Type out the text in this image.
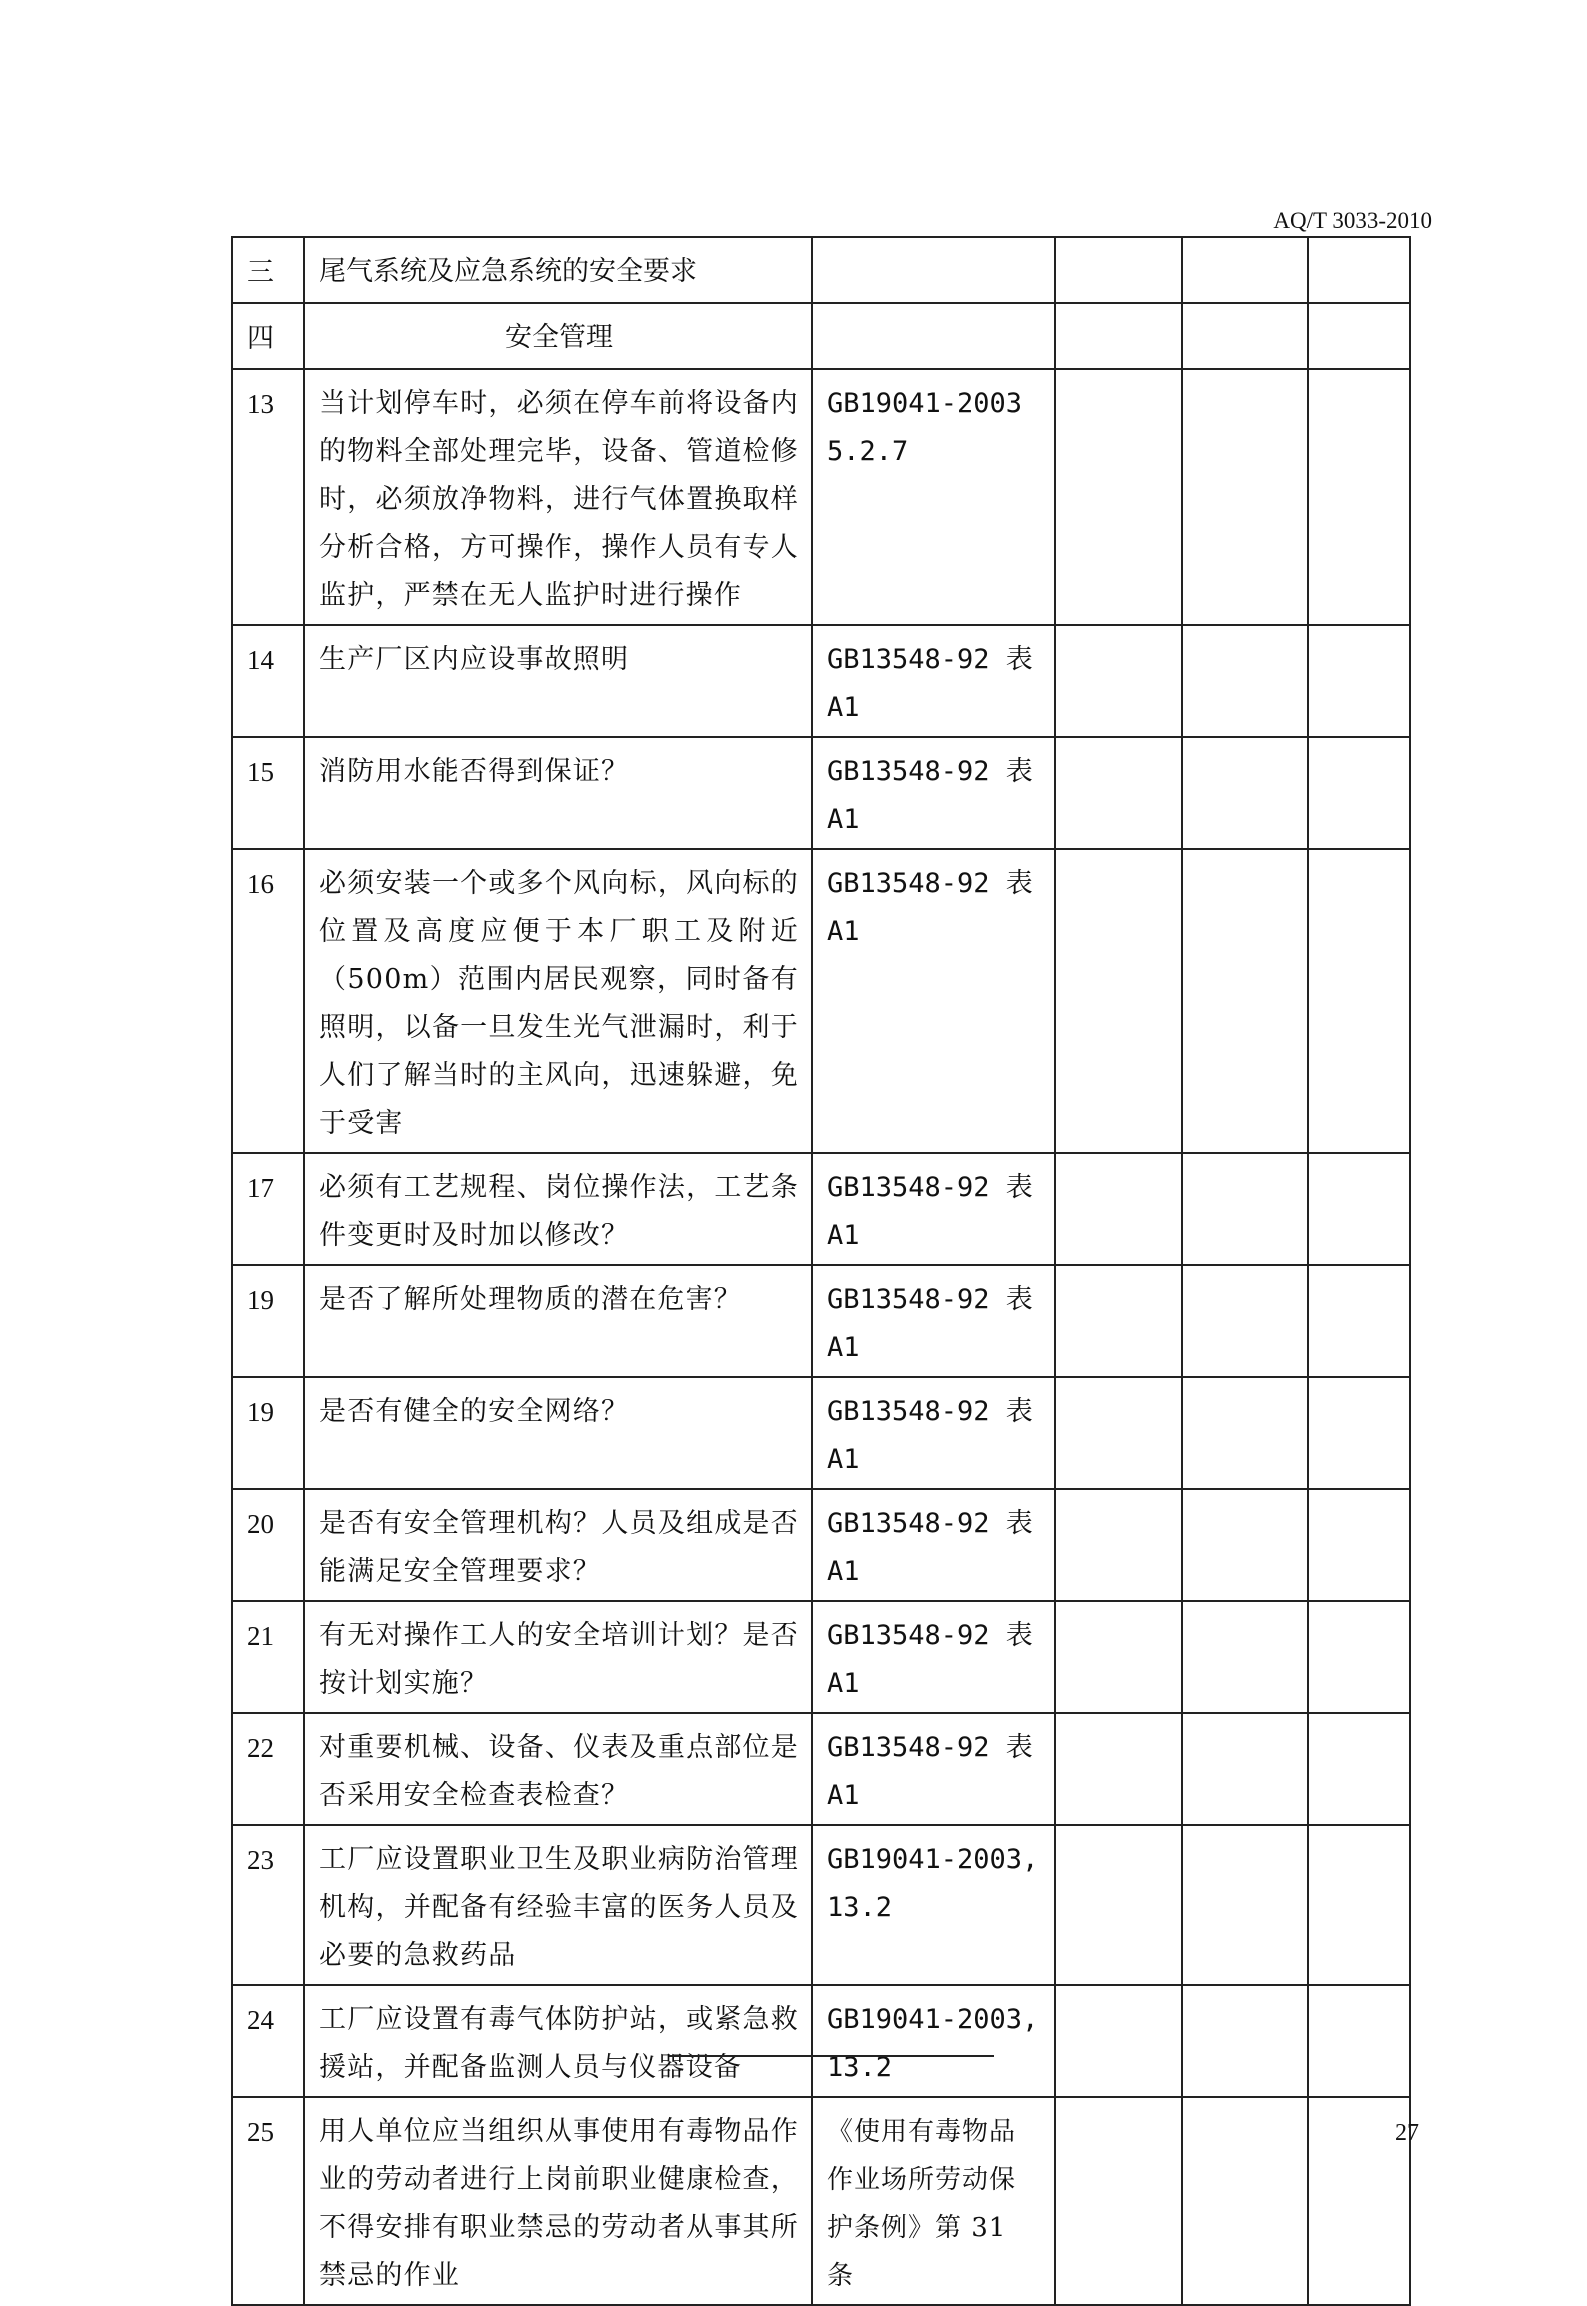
AQ/T 3033-2010
三	尾气系统及应急系统的安全要求				
四	安全管理				
13	当计划停车时，必须在停车前将设备内的物料全部处理完毕，设备、管道检修时，必须放净物料，进行气体置换取样分析合格，方可操作，操作人员有专人监护，严禁在无人监护时进行操作	GB19041-2003 5.2.7			
14	生产厂区内应设事故照明	GB13548-92 表 A1			
15	消防用水能否得到保证？	GB13548-92 表 A1			
16	必须安装一个或多个风向标，风向标的位置及高度应便于本厂职工及附近（500m）范围内居民观察，同时备有照明，以备一旦发生光气泄漏时，利于人们了解当时的主风向，迅速躲避，免于受害	GB13548-92 表 A1			
17	必须有工艺规程、岗位操作法，工艺条件变更时及时加以修改？	GB13548-92 表 A1			
19	是否了解所处理物质的潜在危害？	GB13548-92 表 A1			
19	是否有健全的安全网络？	GB13548-92 表 A1			
20	是否有安全管理机构？人员及组成是否能满足安全管理要求？	GB13548-92 表 A1			
21	有无对操作工人的安全培训计划？是否按计划实施？	GB13548-92 表 A1			
22	对重要机械、设备、仪表及重点部位是否采用安全检查表检查？	GB13548-92 表 A1			
23	工厂应设置职业卫生及职业病防治管理机构，并配备有经验丰富的医务人员及必要的急救药品	GB19041-2003,13.2			
24	工厂应设置有毒气体防护站，或紧急救援站，并配备监测人员与仪器设备	GB19041-2003,13.2			
25	用人单位应当组织从事使用有毒物品作业的劳动者进行上岗前职业健康检查，不得安排有职业禁忌的劳动者从事其所禁忌的作业	《使用有毒物品作业场所劳动保护条例》第 31 条			
27
